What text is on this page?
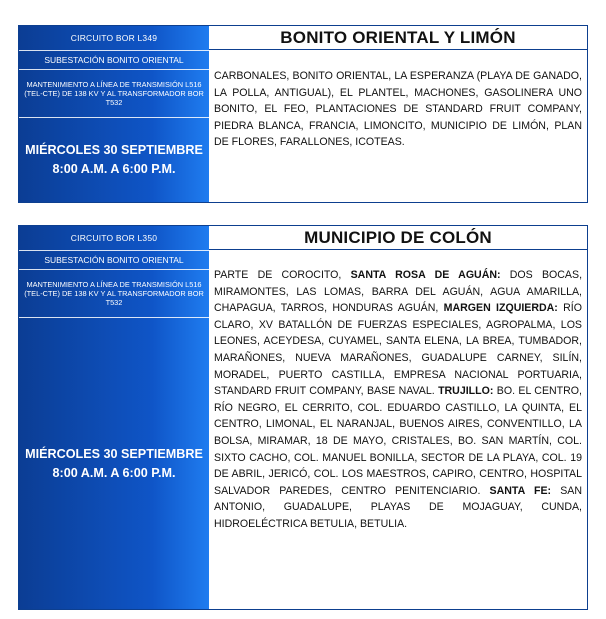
CIRCUITO BOR L349
SUBESTACIÓN BONITO ORIENTAL
MANTENIMIENTO A LÍNEA DE TRANSMISIÓN L516 (TEL-CTE) DE 138 KV Y AL TRANSFORMADOR BOR T532
MIÉRCOLES 30 SEPTIEMBRE
8:00 A.M. A 6:00 P.M.
BONITO ORIENTAL Y LIMÓN
CARBONALES, BONITO ORIENTAL, LA ESPERANZA (PLAYA DE GANADO, LA POLLA, ANTIGUAL), EL PLANTEL, MACHONES, GASOLINERA UNO BONITO, EL FEO, PLANTACIONES DE STANDARD FRUIT COMPANY, PIEDRA BLANCA, FRANCIA, LIMONCITO, MUNICIPIO DE LIMÓN, PLAN DE FLORES, FARALLONES, ICOTEAS.
CIRCUITO BOR L350
SUBESTACIÓN BONITO ORIENTAL
MANTENIMIENTO A LÍNEA DE TRANSMISIÓN L516 (TEL-CTE) DE 138 KV Y AL TRANSFORMADOR BOR T532
MIÉRCOLES 30 SEPTIEMBRE
8:00 A.M. A 6:00 P.M.
MUNICIPIO DE COLÓN
PARTE DE COROCITO, SANTA ROSA DE AGUÁN: DOS BOCAS, MIRAMONTES, LAS LOMAS, BARRA DEL AGUÁN, AGUA AMARILLA, CHAPAGUA, TARROS, HONDURAS AGUÁN, MARGEN IZQUIERDA: RÍO CLARO, XV BATALLÓN DE FUERZAS ESPECIALES, AGROPALMA, LOS LEONES, ACEYDESA, CUYAMEL, SANTA ELENA, LA BREA, TUMBADOR, MARAÑONES, NUEVA MARAÑONES, GUADALUPE CARNEY, SILÍN, MORADEL, PUERTO CASTILLA, EMPRESA NACIONAL PORTUARIA, STANDARD FRUIT COMPANY, BASE NAVAL. TRUJILLO: BO. EL CENTRO, RÍO NEGRO, EL CERRITO, COL. EDUARDO CASTILLO, LA QUINTA, EL CENTRO, LIMONAL, EL NARANJAL, BUENOS AIRES, CONVENTILLO, LA BOLSA, MIRAMAR, 18 DE MAYO, CRISTALES, BO. SAN MARTÍN, COL. SIXTO CACHO, COL. MANUEL BONILLA, SECTOR DE LA PLAYA, COL. 19 DE ABRIL, JERICÓ, COL. LOS MAESTROS, CAPIRO, CENTRO, HOSPITAL SALVADOR PAREDES, CENTRO PENITENCIARIO. SANTA FE: SAN ANTONIO, GUADALUPE, PLAYAS DE MOJAGUAY, CUNDA, HIDROELÉCTRICA BETULIA, BETULIA.
